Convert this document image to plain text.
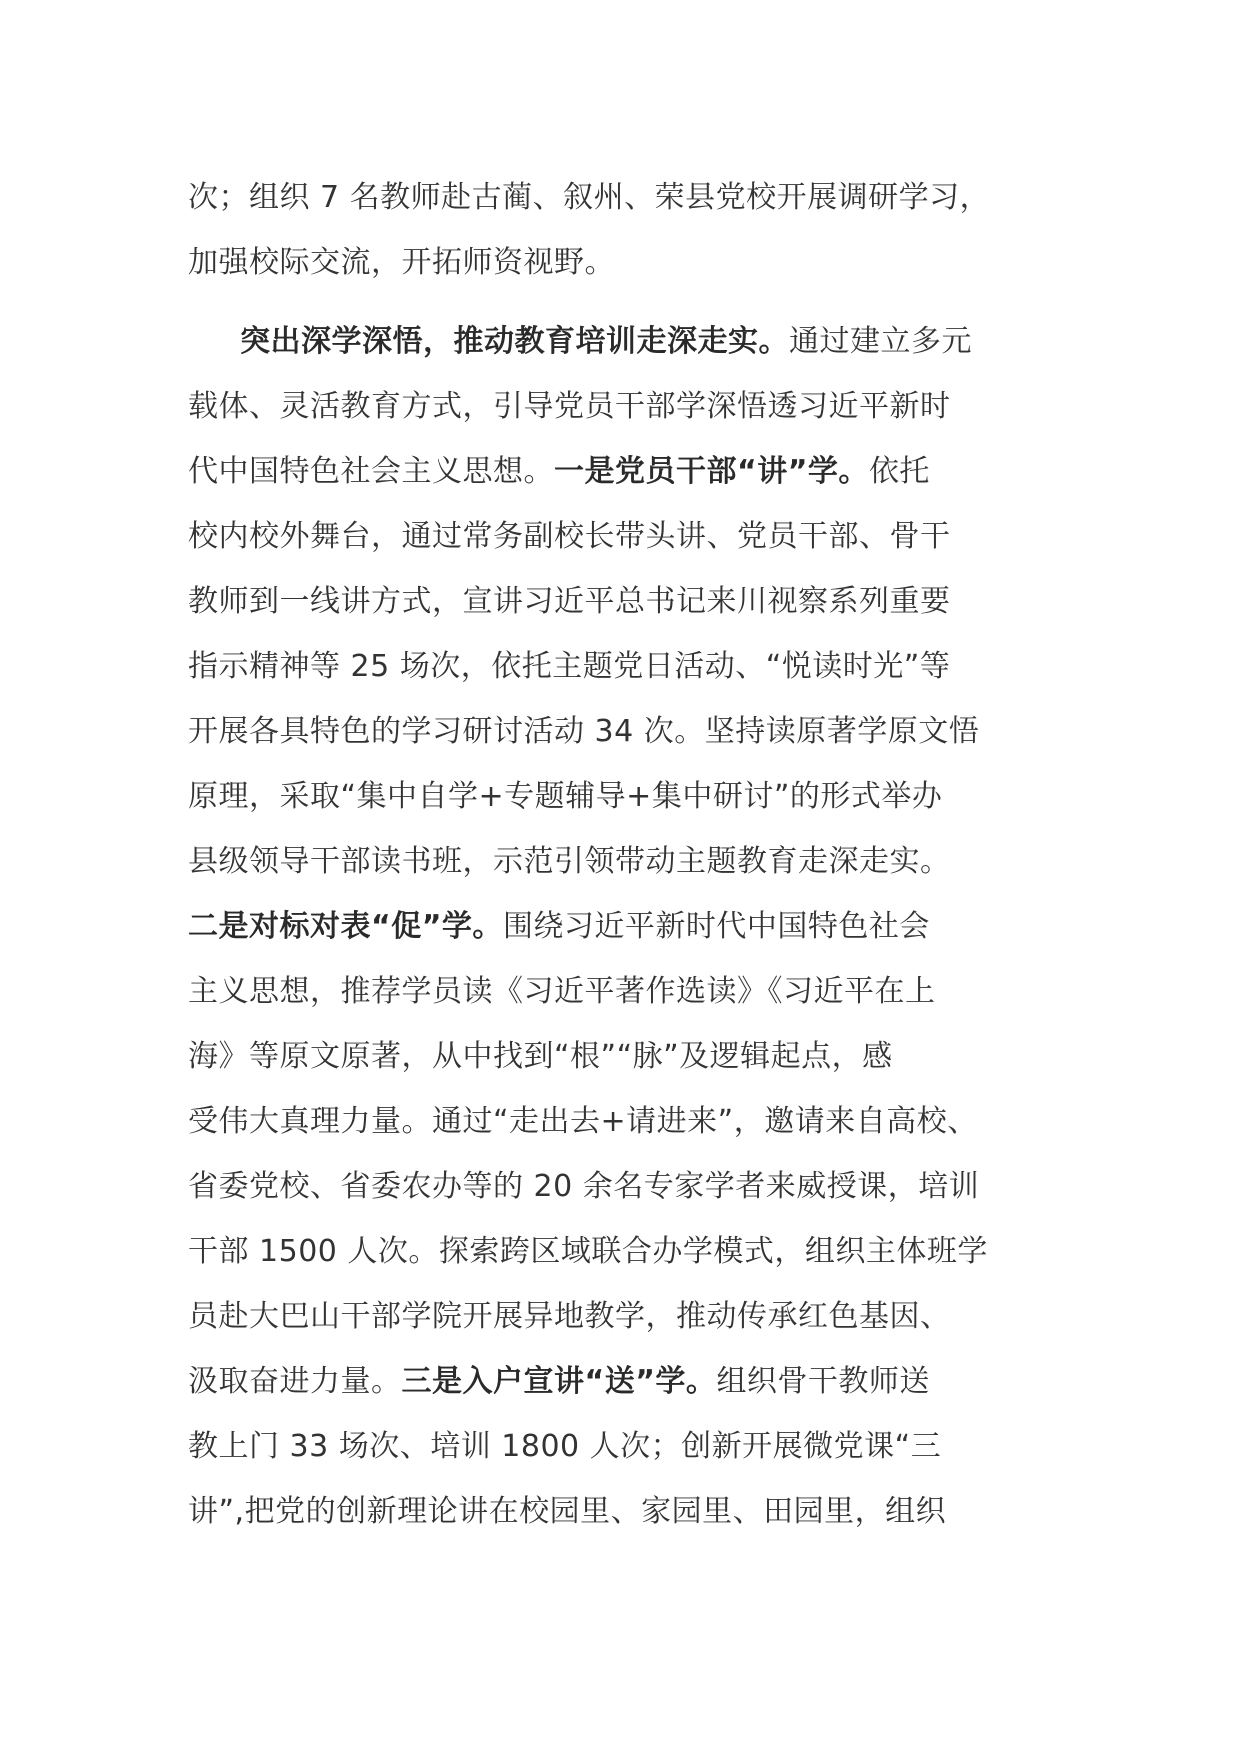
次；组织 7 名教师赴古蔺、叙州、荣县党校开展调研学习，
加强校际交流，开拓师资视野。
突出深学深悟，推动教育培训走深走实。通过建立多元
载体、灵活教育方式，引导党员干部学深悟透习近平新时
代中国特色社会主义思想。一是党员干部“讲”学。依托
校内校外舞台，通过常务副校长带头讲、党员干部、骨干
教师到一线讲方式，宣讲习近平总书记来川视察系列重要
指示精神等 25 场次，依托主题党日活动、“悦读时光”等
开展各具特色的学习研讨活动 34 次。坚持读原著学原文悟
原理，采取“集中自学+专题辅导+集中研讨”的形式举办
县级领导干部读书班，示范引领带动主题教育走深走实。
二是对标对表“促”学。围绕习近平新时代中国特色社会
主义思想，推荐学员读《习近平著作选读》《习近平在上
海》等原文原著，从中找到“根”“脉”及逻辑起点，感
受伟大真理力量。通过“走出去+请进来”，邀请来自高校、
省委党校、省委农办等的 20 余名专家学者来威授课，培训
干部 1500 人次。探索跨区域联合办学模式，组织主体班学
员赴大巴山干部学院开展异地教学，推动传承红色基因、
汲取奋进力量。三是入户宣讲“送”学。组织骨干教师送
教上门 33 场次、培训 1800 人次；创新开展微党课“三
讲”,把党的创新理论讲在校园里、家园里、田园里，组织
